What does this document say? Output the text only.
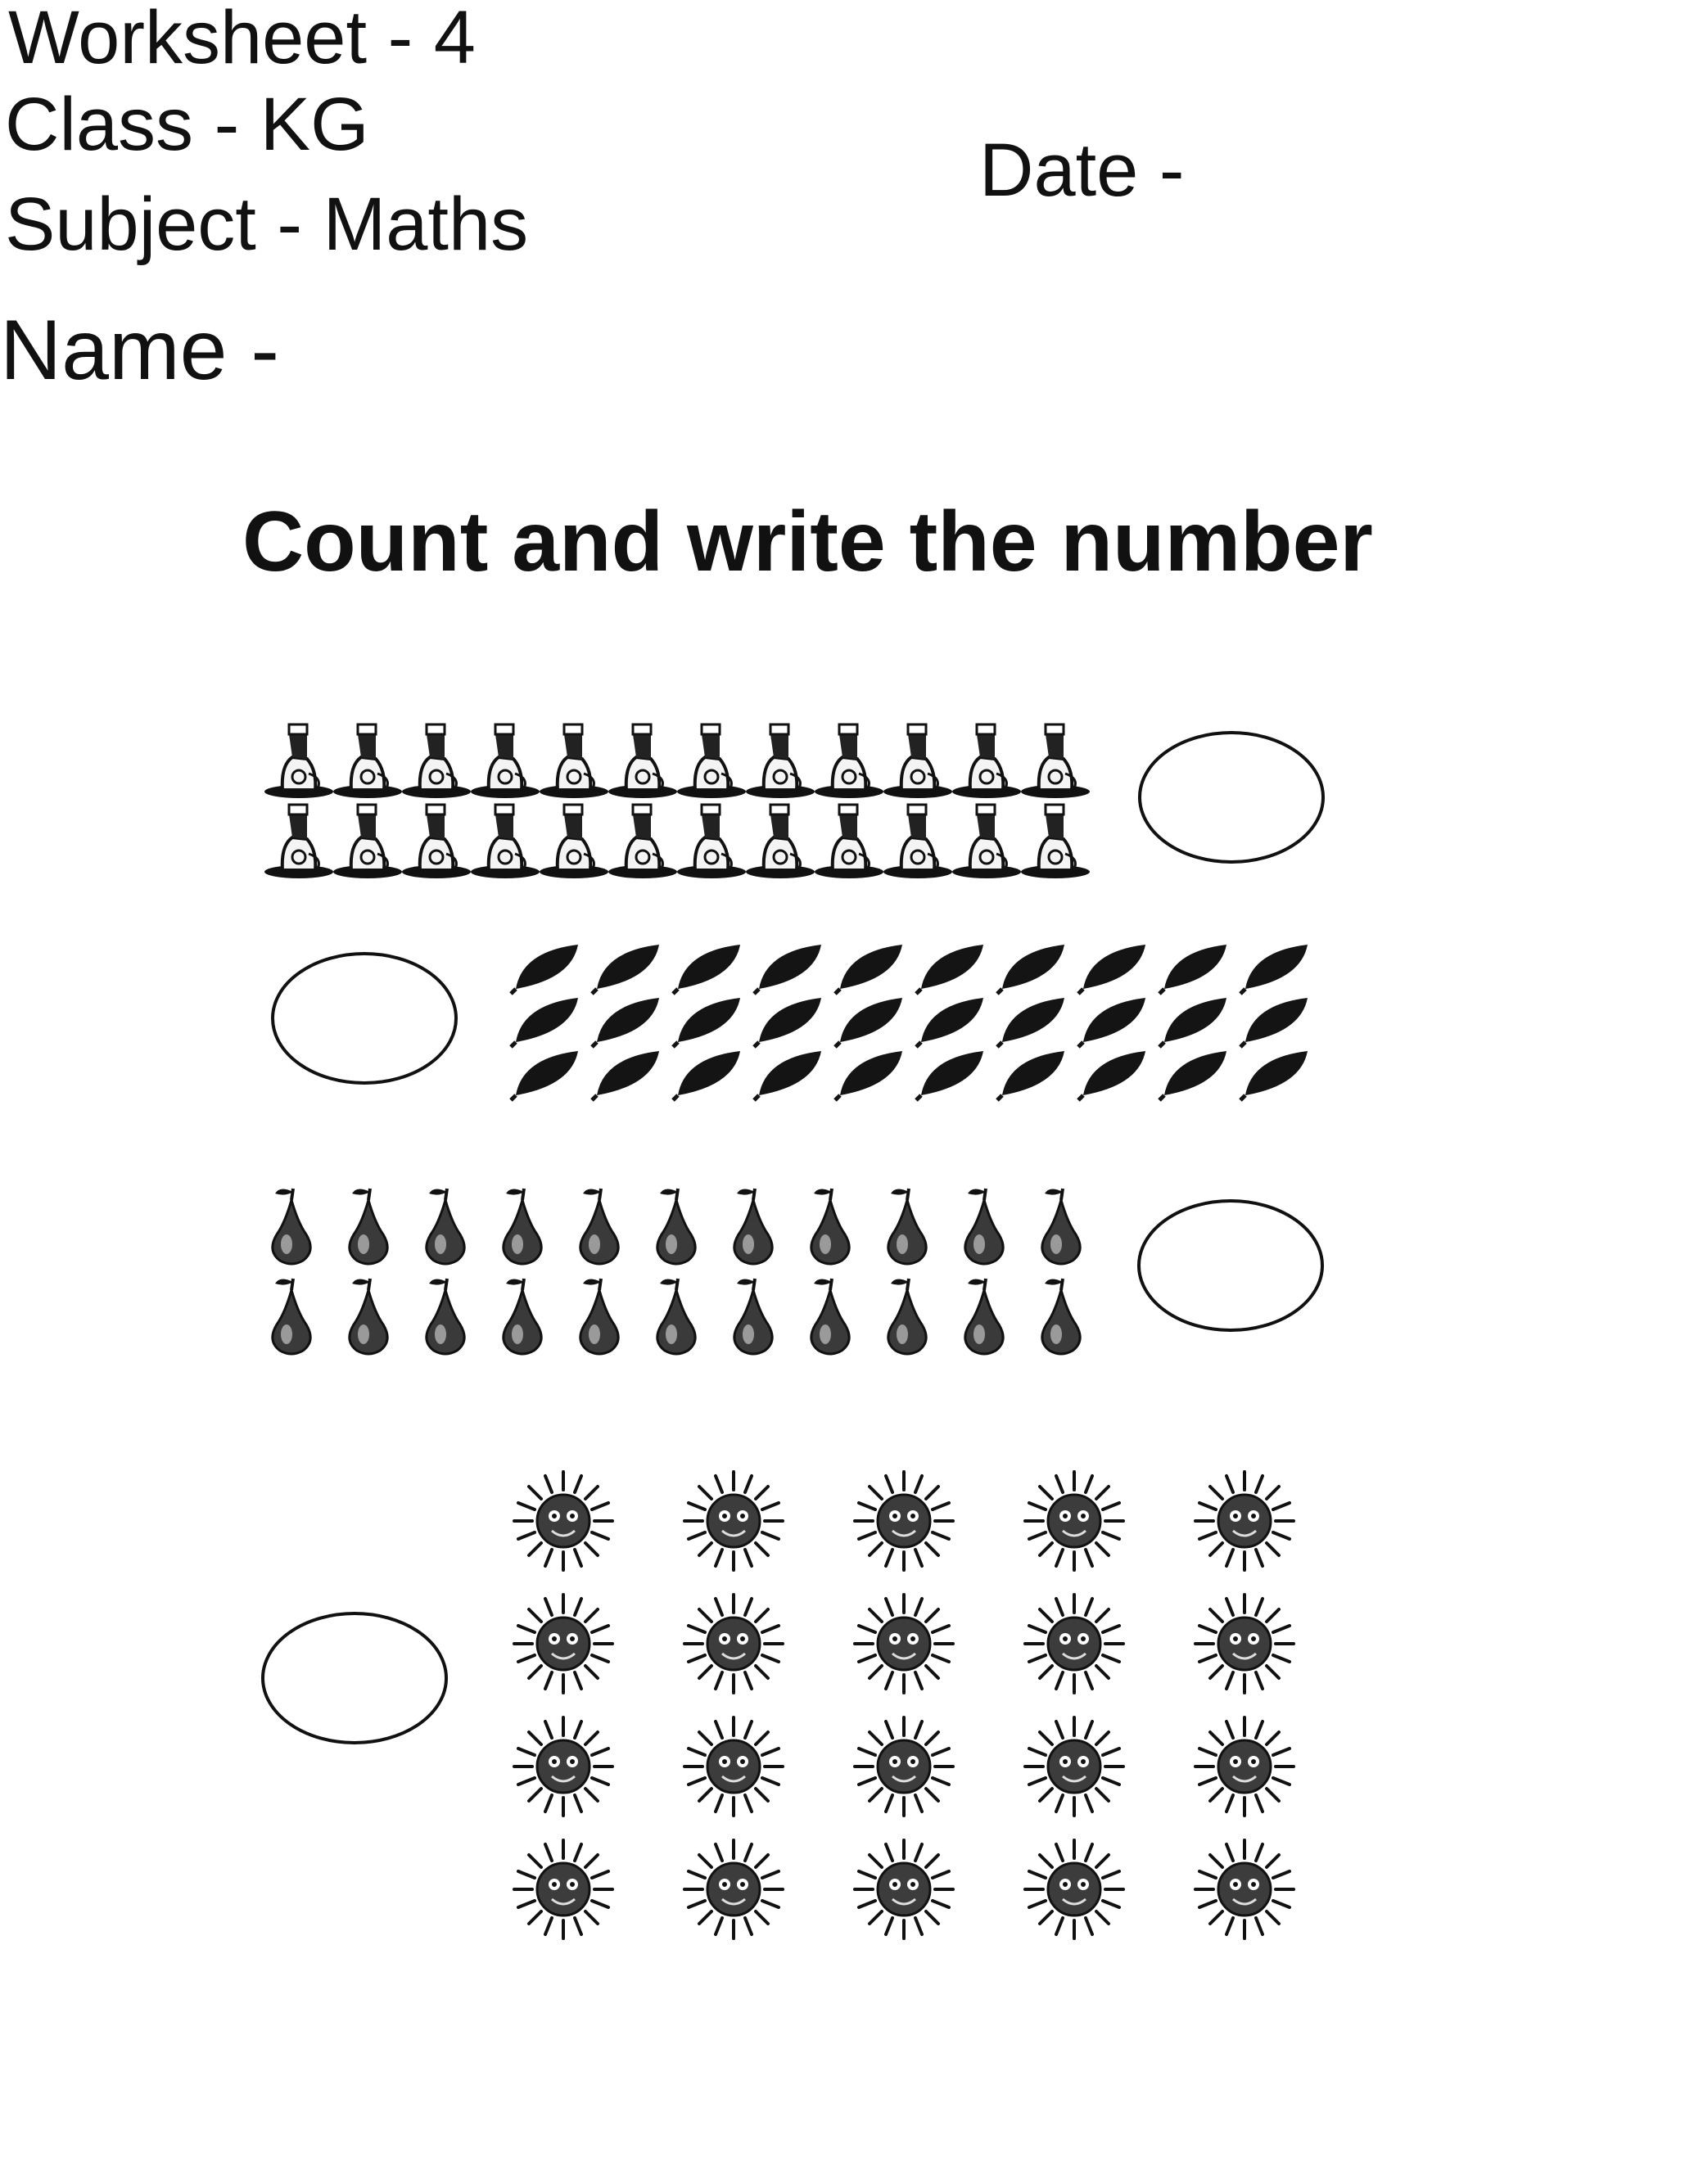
Worksheet - 4
Class - KG
Subject - Maths
Date -
Name -
Count and write the number
